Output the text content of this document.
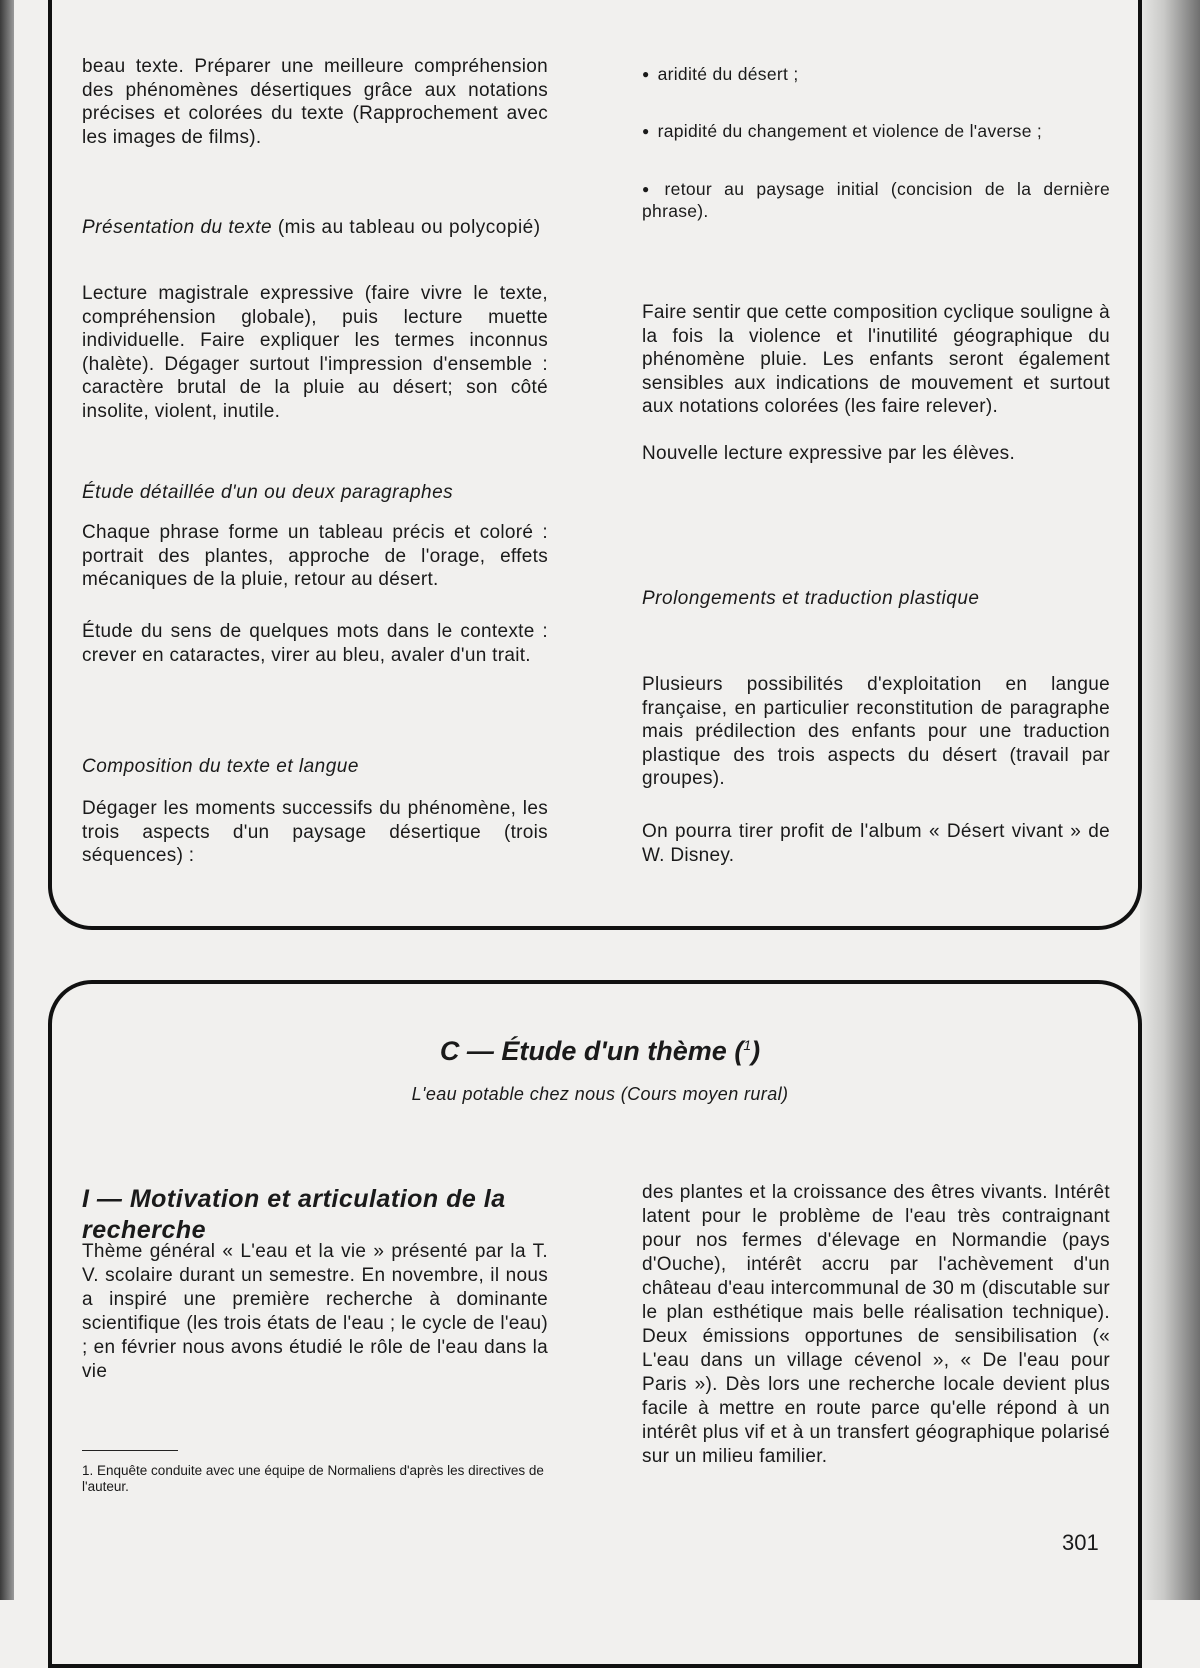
beau texte. Préparer une meilleure compréhension des phénomènes désertiques grâce aux notations précises et colorées du texte (Rapprochement avec les images de films).
Présentation du texte (mis au tableau ou polycopié)
Lecture magistrale expressive (faire vivre le texte, compréhension globale), puis lecture muette individuelle. Faire expliquer les termes inconnus (halète). Dégager surtout l'impression d'ensemble : caractère brutal de la pluie au désert; son côté insolite, violent, inutile.
Étude détaillée d'un ou deux paragraphes
Chaque phrase forme un tableau précis et coloré : portrait des plantes, approche de l'orage, effets mécaniques de la pluie, retour au désert.
Étude du sens de quelques mots dans le contexte : crever en cataractes, virer au bleu, avaler d'un trait.
Composition du texte et langue
Dégager les moments successifs du phénomène, les trois aspects d'un paysage désertique (trois séquences) :
● aridité du désert ;
● rapidité du changement et violence de l'averse ;
● retour au paysage initial (concision de la dernière phrase).
Faire sentir que cette composition cyclique souligne à la fois la violence et l'inutilité géographique du phénomène pluie. Les enfants seront également sensibles aux indications de mouvement et surtout aux notations colorées (les faire relever).
Nouvelle lecture expressive par les élèves.
Prolongements et traduction plastique
Plusieurs possibilités d'exploitation en langue française, en particulier reconstitution de paragraphe mais prédilection des enfants pour une traduction plastique des trois aspects du désert (travail par groupes).
On pourra tirer profit de l'album « Désert vivant » de W. Disney.
C — Étude d'un thème ($^1$)
L'eau potable chez nous (Cours moyen rural)
I — Motivation et articulation de la recherche
Thème général « L'eau et la vie » présenté par la T. V. scolaire durant un semestre. En novembre, il nous a inspiré une première recherche à dominante scientifique (les trois états de l'eau ; le cycle de l'eau) ; en février nous avons étudié le rôle de l'eau dans la vie
des plantes et la croissance des êtres vivants. Intérêt latent pour le problème de l'eau très contraignant pour nos fermes d'élevage en Normandie (pays d'Ouche), intérêt accru par l'achèvement d'un château d'eau intercommunal de 30 m (discutable sur le plan esthétique mais belle réalisation technique). Deux émissions opportunes de sensibilisation (« L'eau dans un village cévenol », « De l'eau pour Paris »). Dès lors une recherche locale devient plus facile à mettre en route parce qu'elle répond à un intérêt plus vif et à un transfert géographique polarisé sur un milieu familier.
1. Enquête conduite avec une équipe de Normaliens d'après les directives de l'auteur.
301
